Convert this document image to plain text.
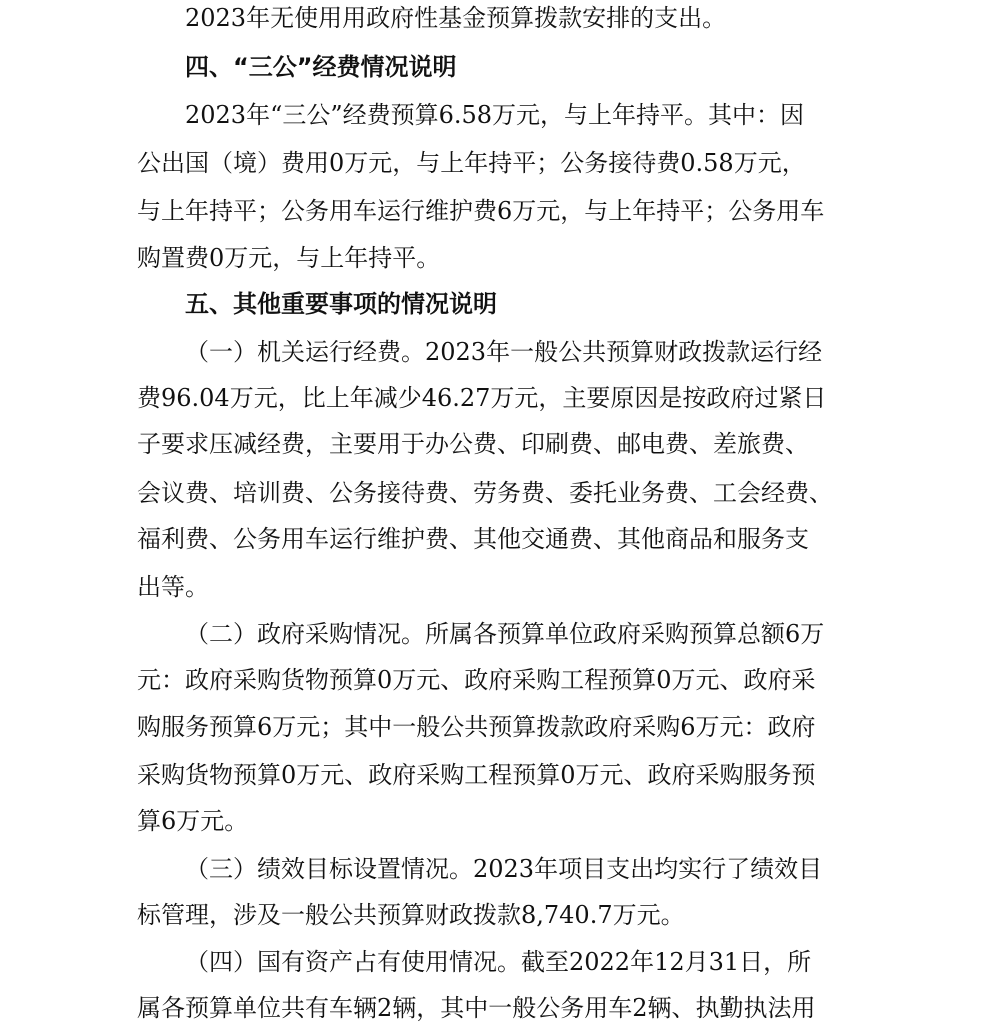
2023年无使用用政府性基金预算拨款安排的支出。
四、“三公”经费情况说明
2023年“三公”经费预算6.58万元，与上年持平。其中：因
公出国（境）费用0万元，与上年持平；公务接待费0.58万元，
与上年持平；公务用车运行维护费6万元，与上年持平；公务用车
购置费0万元，与上年持平。
五、其他重要事项的情况说明
（一）机关运行经费。2023年一般公共预算财政拨款运行经
费96.04万元，比上年减少46.27万元，主要原因是按政府过紧日
子要求压减经费，主要用于办公费、印刷费、邮电费、差旅费、
会议费、培训费、公务接待费、劳务费、委托业务费、工会经费、
福利费、公务用车运行维护费、其他交通费、其他商品和服务支
出等。
（二）政府采购情况。所属各预算单位政府采购预算总额6万
元：政府采购货物预算0万元、政府采购工程预算0万元、政府采
购服务预算6万元；其中一般公共预算拨款政府采购6万元：政府
采购货物预算0万元、政府采购工程预算0万元、政府采购服务预
算6万元。
（三）绩效目标设置情况。2023年项目支出均实行了绩效目
标管理，涉及一般公共预算财政拨款8,740.7万元。
（四）国有资产占有使用情况。截至2022年12月31日，所
属各预算单位共有车辆2辆，其中一般公务用车2辆、执勤执法用
